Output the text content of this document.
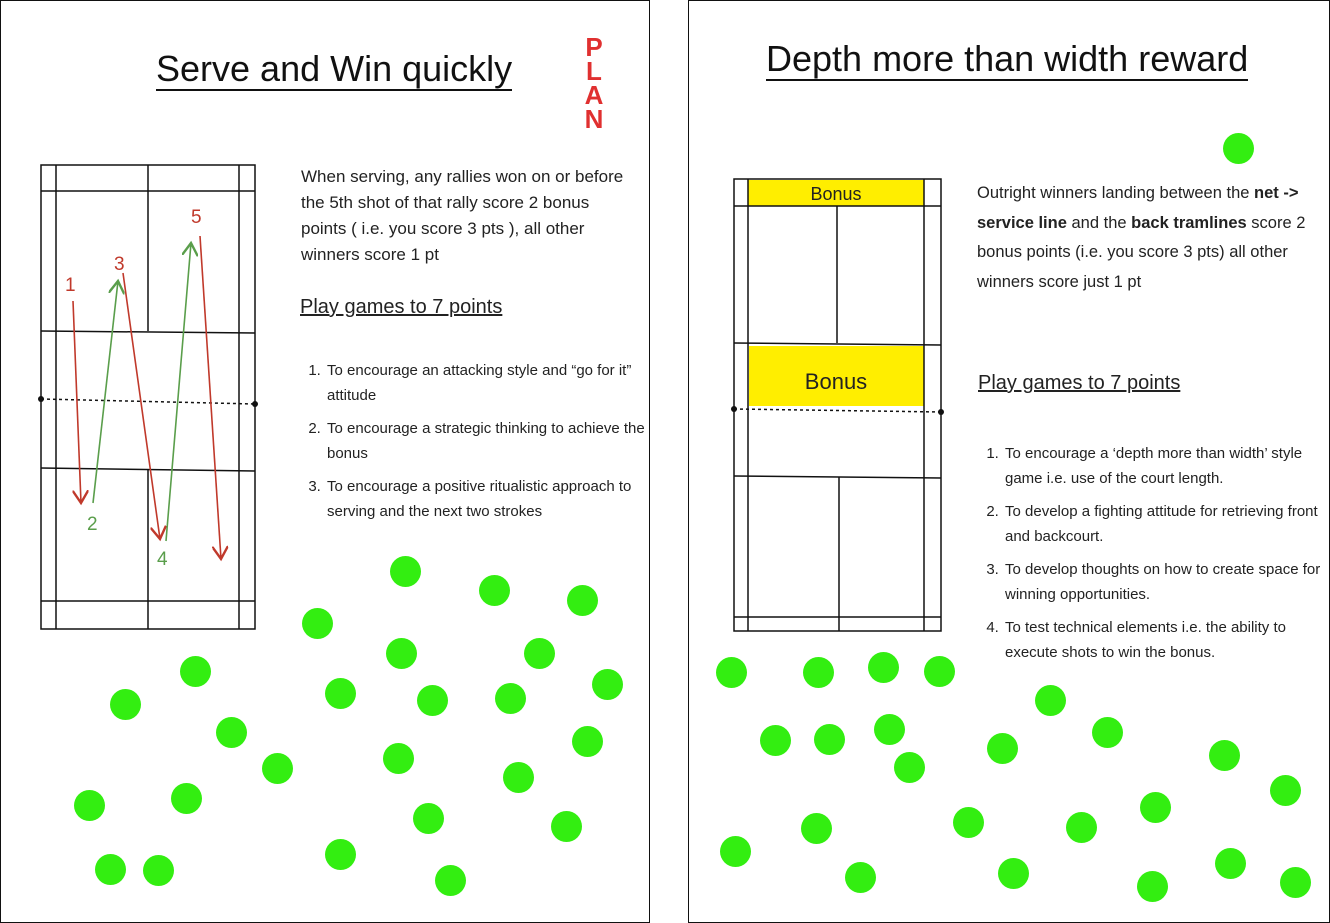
Serve and Win quickly
P
L
A
N
1
2
3
4
5
When serving, any rallies won on or before the 5th shot of that rally score 2 bonus points ( i.e. you score 3 pts ), all other winners score 1 pt
Play games to 7 points
1. To encourage an attacking style and “go for it” attitude
2. To encourage a strategic thinking to achieve the bonus
3. To encourage a positive ritualistic approach to serving and the next two strokes
Depth more than width reward
Bonus
Bonus
Outright winners landing between the net -> service line and the back tramlines score 2 bonus points (i.e. you score 3 pts) all other winners score just 1 pt
Play games to 7 points
1. To encourage a ‘depth more than width’ style game i.e. use of the court length.
2. To develop a fighting attitude for retrieving front and backcourt.
3. To develop thoughts on how to create space for winning opportunities.
4. To test technical elements i.e. the ability to execute shots to win the bonus.
